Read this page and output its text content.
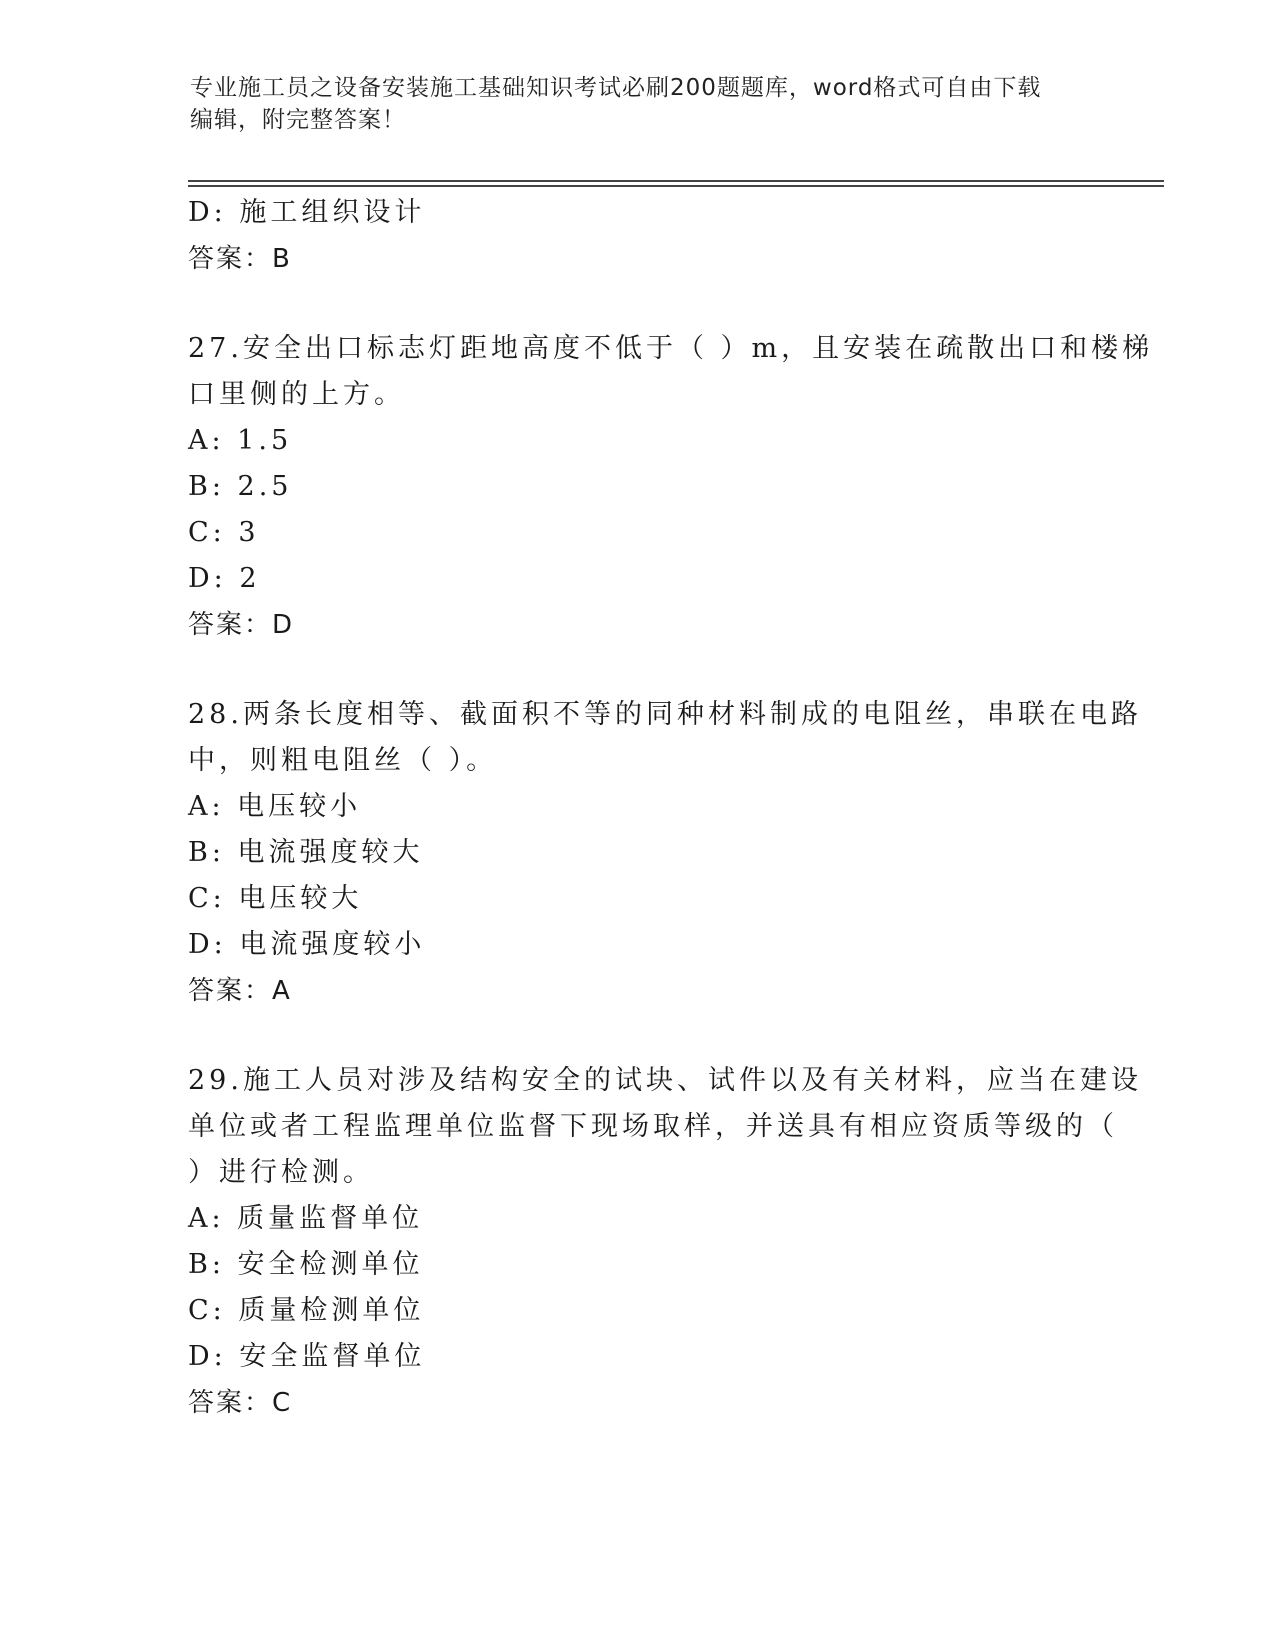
专业施工员之设备安装施工基础知识考试必刷200题题库，word格式可自由下载
编辑，附完整答案！
D: 施工组织设计
答案：B
27.安全出口标志灯距地高度不低于（ ）m，且安装在疏散出口和楼梯
口里侧的上方。
A: 1.5
B: 2.5
C: 3
D: 2
答案：D
28.两条长度相等、截面积不等的同种材料制成的电阻丝，串联在电路
中，则粗电阻丝（ ）。
A: 电压较小
B: 电流强度较大
C: 电压较大
D: 电流强度较小
答案：A
29.施工人员对涉及结构安全的试块、试件以及有关材料，应当在建设
单位或者工程监理单位监督下现场取样，并送具有相应资质等级的（
）进行检测。
A: 质量监督单位
B: 安全检测单位
C: 质量检测单位
D: 安全监督单位
答案：C
